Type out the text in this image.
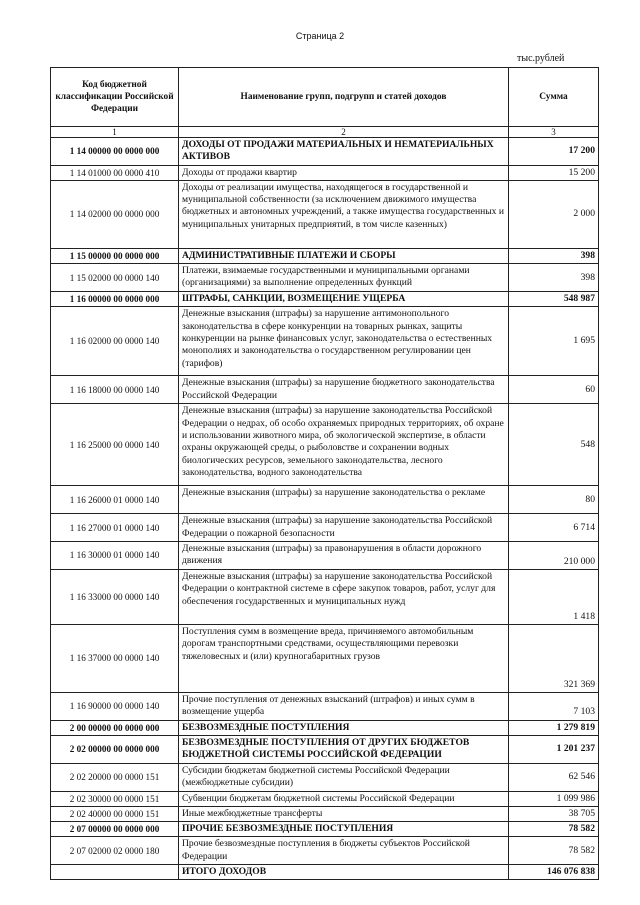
Страница 2
тыс.рублей
Код бюджетной классификации Российской Федерации	Наименование групп, подгрупп и статей доходов	Сумма
1	2	3
1 14 00000 00 0000 000	ДОХОДЫ ОТ ПРОДАЖИ МАТЕРИАЛЬНЫХ И НЕМАТЕРИАЛЬНЫХ АКТИВОВ	17 200
1 14 01000 00 0000 410	Доходы от продажи квартир	15 200
1 14 02000 00 0000 000	Доходы от реализации имущества, находящегося в государственной и муниципальной собственности (за исключением движимого имущества бюджетных и автономных учреждений, а также имущества государственных и муниципальных унитарных предприятий, в том числе казенных)	2 000
1 15 00000 00 0000 000	АДМИНИСТРАТИВНЫЕ ПЛАТЕЖИ И СБОРЫ	398
1 15 02000 00 0000 140	Платежи, взимаемые государственными и муниципальными органами (организациями) за выполнение определенных функций	398
1 16 00000 00 0000 000	ШТРАФЫ, САНКЦИИ, ВОЗМЕЩЕНИЕ УЩЕРБА	548 987
1 16 02000 00 0000 140	Денежные взыскания (штрафы) за нарушение антимонопольного законодательства в сфере конкуренции на товарных рынках, защиты конкуренции на рынке финансовых услуг, законодательства о естественных монополиях и законодательства о государственном регулировании цен (тарифов)	1 695
1 16 18000 00 0000 140	Денежные взыскания (штрафы) за нарушение бюджетного законодательства Российской Федерации	60
1 16 25000 00 0000 140	Денежные взыскания (штрафы) за нарушение законодательства Российской Федерации о недрах, об особо охраняемых природных территориях, об охране и использовании животного мира, об экологической экспертизе, в области охраны окружающей среды, о рыболовстве и сохранении водных биологических ресурсов, земельного законодательства, лесного законодательства, водного законодательства	548
1 16 26000 01 0000 140	Денежные взыскания (штрафы) за нарушение законодательства о рекламе	80
1 16 27000 01 0000 140	Денежные взыскания (штрафы) за нарушение законодательства Российской Федерации о пожарной безопасности	6 714
1 16 30000 01 0000 140	Денежные взыскания (штрафы) за правонарушения в области дорожного движения	210 000
1 16 33000 00 0000 140	Денежные взыскания (штрафы) за нарушение законодательства Российской Федерации о контрактной системе в сфере закупок товаров, работ, услуг для обеспечения государственных и муниципальных нужд	1 418
1 16 37000 00 0000 140	Поступления сумм в возмещение вреда, причиняемого автомобильным дорогам транспортными средствами, осуществляющими перевозки тяжеловесных и (или) крупногабаритных грузов	321 369
1 16 90000 00 0000 140	Прочие поступления от денежных взысканий (штрафов) и иных сумм в возмещение ущерба	7 103
2 00 00000 00 0000 000	БЕЗВОЗМЕЗДНЫЕ ПОСТУПЛЕНИЯ	1 279 819
2 02 00000 00 0000 000	БЕЗВОЗМЕЗДНЫЕ ПОСТУПЛЕНИЯ ОТ ДРУГИХ БЮДЖЕТОВ БЮДЖЕТНОЙ СИСТЕМЫ РОССИЙСКОЙ ФЕДЕРАЦИИ	1 201 237
2 02 20000 00 0000 151	Субсидии бюджетам бюджетной системы Российской Федерации (межбюджетные субсидии)	62 546
2 02 30000 00 0000 151	Субвенции бюджетам бюджетной системы Российской Федерации	1 099 986
2 02 40000 00 0000 151	Иные межбюджетные трансферты	38 705
2 07 00000 00 0000 000	ПРОЧИЕ БЕЗВОЗМЕЗДНЫЕ ПОСТУПЛЕНИЯ	78 582
2 07 02000 02 0000 180	Прочие безвозмездные поступления в бюджеты субъектов Российской Федерации	78 582
	ИТОГО ДОХОДОВ	146 076 838
